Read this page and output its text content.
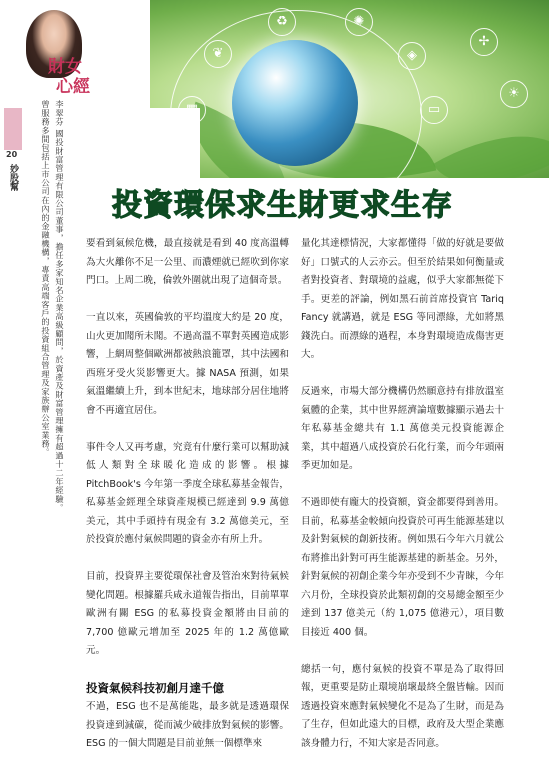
❦
♻	✺
◈
▭
✢
☀
財女
心經
李翠芬 國投財富管理有限公司董事，擔任多家知名企業高級顧問，於資產及財富管理擁有超過十二年經驗。
曾服務多間包括上市公司在內的金融機構，專責高端客戶的投資組合管理及家族辦公室業務。
20
妙股幫
投資環保求生財更求生存

要看到氣候危機，最直接就是看到 40 度高溫轉為大火離你不足一公里、而濃煙就已經吹到你家門口。上周二晚，倫敦外圍就出現了這個奇景。

一直以來，英國倫敦的平均溫度大約是 20 度，山火更加聞所未聞。不過高溫不單對英國造成影響，上網周整個歐洲都被熱浪籠罩，其中法國和西班牙受火災影響更大。據 NASA 預測，如果氣溫繼續上升，到本世紀末，地球部分居住地將會不再適宜居住。

事件令人又再考慮，究竟有什麼行業可以幫助減低人類對全球暖化造成的影響。根據 PitchBook's 今年第一季度全球私募基金報告，私募基金經理全球資產規模已經達到 9.9 萬億美元，其中手頭持有現金有 3.2 萬億美元，至於投資於應付氣候問題的資金亦有所上升。

目前，投資界主要從環保社會及管治來對待氣候變化問題。根據羅兵咸永道報告指出，目前單單歐洲有關 ESG 的私募投資金額將由目前的 7,700 億歐元增加至 2025 年的 1.2 萬億歐元。

投資氣候科技初創月達千億

不過，ESG 也不是萬能匙，最多就是透過環保投資達到減碳，從而減少破排放對氣候的影響。ESG 的一個大問題是目前並無一個標準來

量化其達標情況，大家都懂得「做的好就是要做好」口號式的人云亦云。但至於結果如何衡量或者對投資者、對環境的益處，似乎大家都無從下手。更差的評論，例如黑石前首席投資官 Tariq Fancy 就講過，就是 ESG 等同漂綠，尤如將黑錢洗白。而漂綠的過程，本身對環境造成傷害更大。

反過來，市場大部分機構仍然願意持有排放溫室氣體的企業，其中世界經濟論壇數據顯示過去十年私募基金總共有 1.1 萬億美元投資能源企業，其中超過八成投資於石化行業，而今年頭兩季更加如是。

不過即使有龐大的投資額，資金都要得到善用。目前，私募基金較傾向投資於可再生能源基建以及針對氣候的創新技術。例如黑石今年六月就公布將推出針對可再生能源基建的新基金。另外，針對氣候的初創企業今年亦受到不少青睞，今年六月份，全球投資於此類初創的交易總金額至少達到 137 億美元（約 1,075 億港元），項目數目接近 400 個。

總括一句，應付氣候的投資不單是為了取得回報，更重要是防止環境崩壞最終全盤皆輸。因而透過投資來應對氣候變化不是為了生財，而是為了生存，但如此遠大的目標，政府及大型企業應該身體力行，不知大家是否同意。
